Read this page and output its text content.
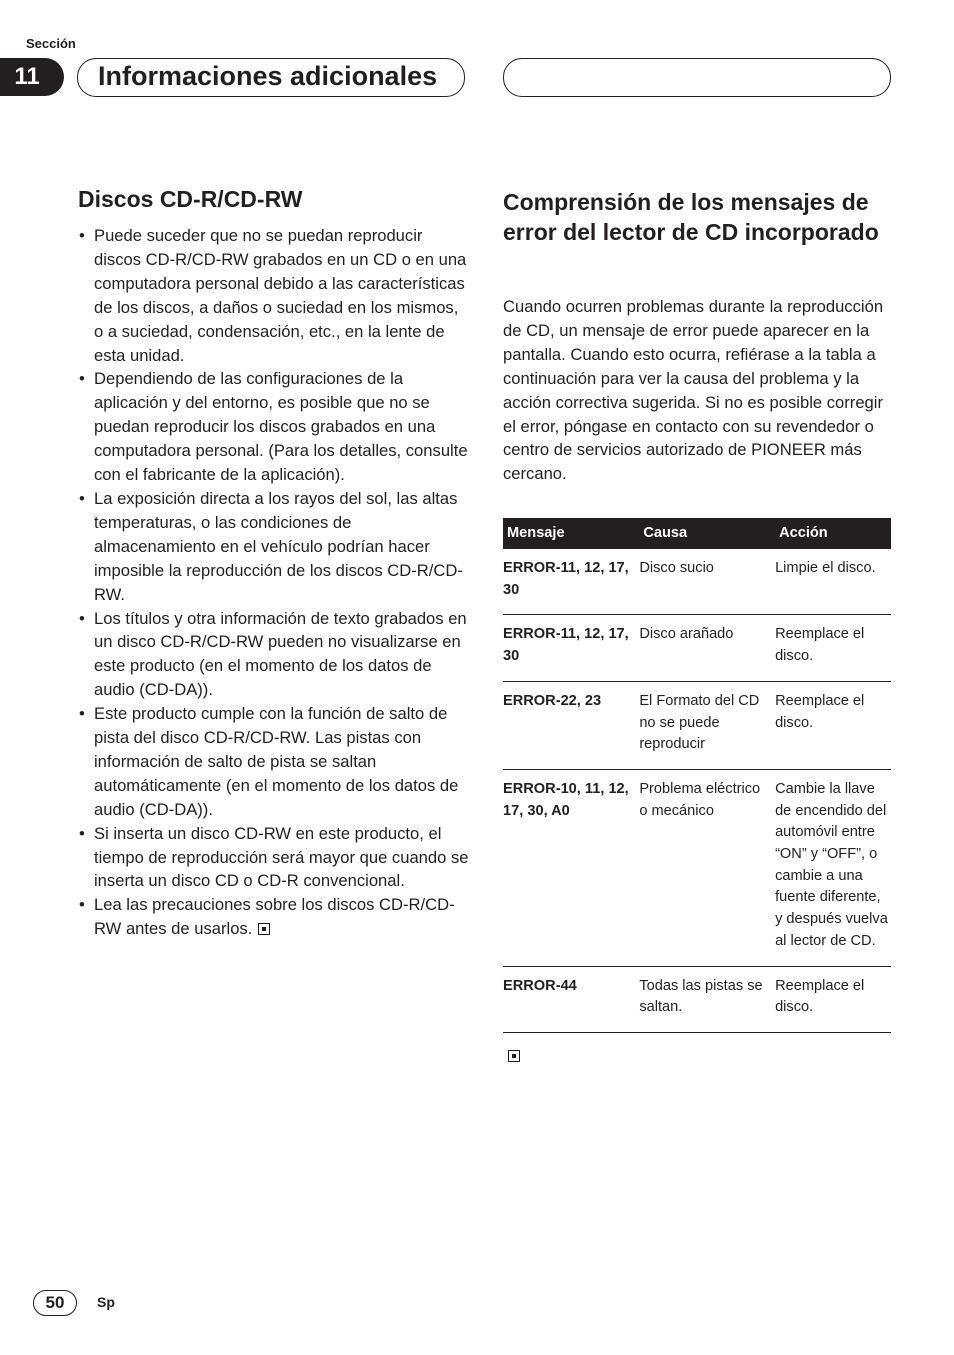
Sección
11	Informaciones adicionales
Discos CD-R/CD-RW
• Puede suceder que no se puedan reproducir discos CD-R/CD-RW grabados en un CD o en una computadora personal debido a las características de los discos, a daños o suciedad en los mismos, o a suciedad, condensación, etc., en la lente de esta unidad.
• Dependiendo de las configuraciones de la aplicación y del entorno, es posible que no se puedan reproducir los discos grabados en una computadora personal. (Para los detalles, consulte con el fabricante de la aplicación).
• La exposición directa a los rayos del sol, las altas temperaturas, o las condiciones de almacenamiento en el vehículo podrían hacer imposible la reproducción de los discos CD-R/CD-RW.
• Los títulos y otra información de texto grabados en un disco CD-R/CD-RW pueden no visualizarse en este producto (en el momento de los datos de audio (CD-DA)).
• Este producto cumple con la función de salto de pista del disco CD-R/CD-RW. Las pistas con información de salto de pista se saltan automáticamente (en el momento de los datos de audio (CD-DA)).
• Si inserta un disco CD-RW en este producto, el tiempo de reproducción será mayor que cuando se inserta un disco CD o CD-R convencional.
• Lea las precauciones sobre los discos CD-R/CD-RW antes de usarlos.
Comprensión de los mensajes de error del lector de CD incorporado

Cuando ocurren problemas durante la reproducción de CD, un mensaje de error puede aparecer en la pantalla. Cuando esto ocurra, refiérase a la tabla a continuación para ver la causa del problema y la acción correctiva sugerida. Si no es posible corregir el error, póngase en contacto con su revendedor o centro de servicios autorizado de PIONEER más cercano.

Mensaje	Causa	Acción
ERROR-11, 12, 17, 30	Disco sucio	Limpie el disco.
ERROR-11, 12, 17, 30	Disco arañado	Reemplace el disco.
ERROR-22, 23	El Formato del CD no se puede reproducir	Reemplace el disco.
ERROR-10, 11, 12, 17, 30, A0	Problema eléctrico o mecánico	Cambie la llave de encendido del automóvil entre “ON” y “OFF”, o cambie a una fuente diferente, y después vuelva al lector de CD.
ERROR-44	Todas las pistas se saltan.	Reemplace el disco.
50	Sp
